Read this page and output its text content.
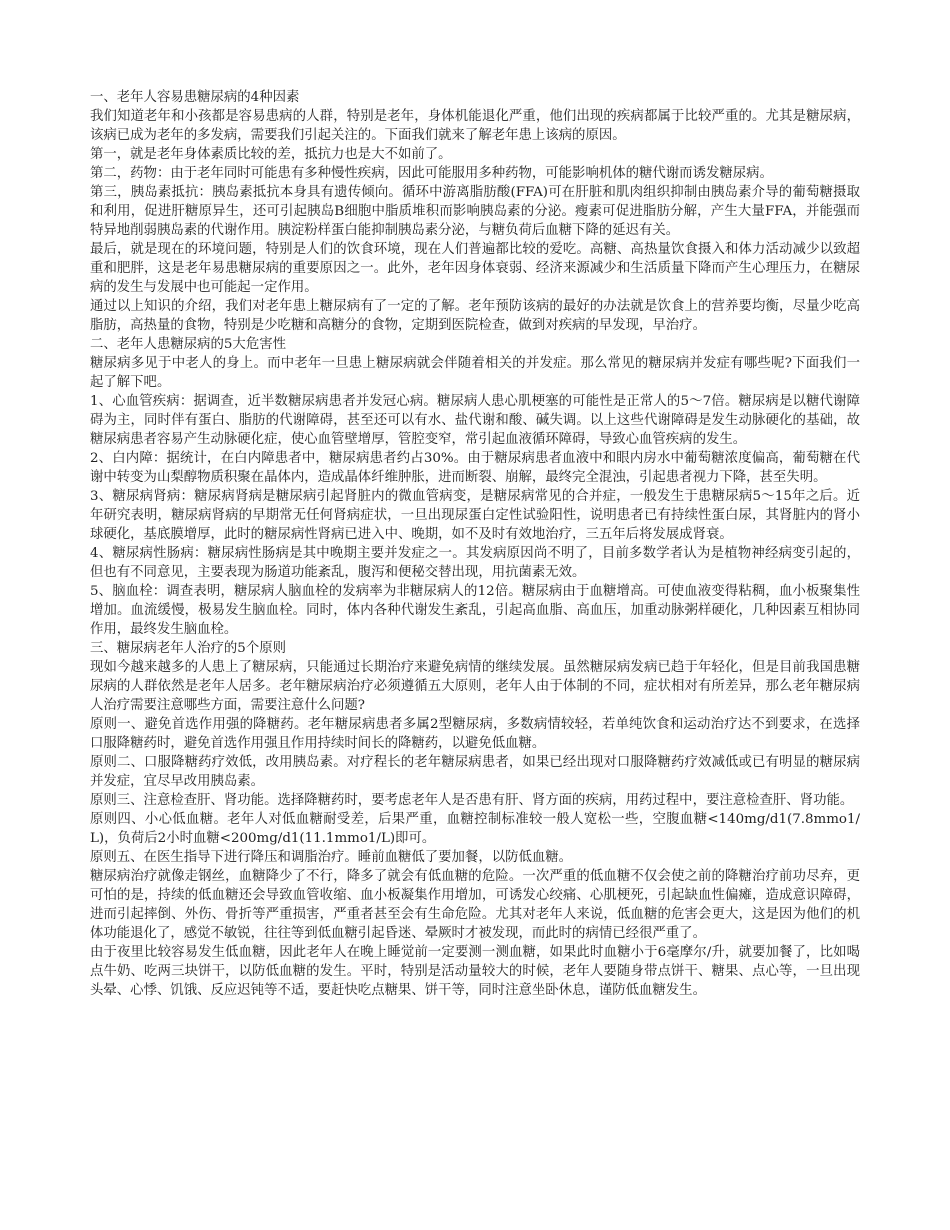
一、老年人容易患糖尿病的4种因素

我们知道老年和小孩都是容易患病的人群，特别是老年，身体机能退化严重，他们出现的疾病都属于比较严重的。尤其是糖尿病，该病已成为老年的多发病，需要我们引起关注的。下面我们就来了解老年患上该病的原因。

第一，就是老年身体素质比较的差，抵抗力也是大不如前了。

第二，药物：由于老年同时可能患有多种慢性疾病，因此可能服用多种药物，可能影响机体的糖代谢而诱发糖尿病。

第三，胰岛素抵抗：胰岛素抵抗本身具有遗传倾向。循环中游离脂肪酸(FFA)可在肝脏和肌肉组织抑制由胰岛素介导的葡萄糖摄取和利用，促进肝糖原异生，还可引起胰岛B细胞中脂质堆积而影响胰岛素的分泌。瘦素可促进脂肪分解，产生大量FFA，并能强而特异地削弱胰岛素的代谢作用。胰淀粉样蛋白能抑制胰岛素分泌，与糖负荷后血糖下降的延迟有关。

最后，就是现在的环境问题，特别是人们的饮食环境，现在人们普遍都比较的爱吃。高糖、高热量饮食摄入和体力活动减少以致超重和肥胖，这是老年易患糖尿病的重要原因之一。此外，老年因身体衰弱、经济来源减少和生活质量下降而产生心理压力，在糖尿病的发生与发展中也可能起一定作用。

通过以上知识的介绍，我们对老年患上糖尿病有了一定的了解。老年预防该病的最好的办法就是饮食上的营养要均衡，尽量少吃高脂肪，高热量的食物，特别是少吃糖和高糖分的食物，定期到医院检查，做到对疾病的早发现，早治疗。

二、老年人患糖尿病的5大危害性

糖尿病多见于中老人的身上。而中老年一旦患上糖尿病就会伴随着相关的并发症。那么常见的糖尿病并发症有哪些呢?下面我们一起了解下吧。

1、心血管疾病：据调查，近半数糖尿病患者并发冠心病。糖尿病人患心肌梗塞的可能性是正常人的5～7倍。糖尿病是以糖代谢障碍为主，同时伴有蛋白、脂肪的代谢障碍，甚至还可以有水、盐代谢和酸、碱失调。以上这些代谢障碍是发生动脉硬化的基础，故糖尿病患者容易产生动脉硬化症，使心血管壁增厚，管腔变窄，常引起血液循环障碍，导致心血管疾病的发生。

2、白内障：据统计，在白内障患者中，糖尿病患者约占30%。由于糖尿病患者血液中和眼内房水中葡萄糖浓度偏高，葡萄糖在代谢中转变为山梨醇物质积聚在晶体内，造成晶体纤维肿胀，进而断裂、崩解，最终完全混浊，引起患者视力下降，甚至失明。

3、糖尿病肾病：糖尿病肾病是糖尿病引起肾脏内的微血管病变，是糖尿病常见的合并症，一般发生于患糖尿病5～15年之后。近年研究表明，糖尿病肾病的早期常无任何肾病症状，一旦出现尿蛋白定性试验阳性，说明患者已有持续性蛋白尿，其肾脏内的肾小球硬化，基底膜增厚，此时的糖尿病性肾病已进入中、晚期，如不及时有效地治疗，三五年后将发展成肾衰。

4、糖尿病性肠病：糖尿病性肠病是其中晚期主要并发症之一。其发病原因尚不明了，目前多数学者认为是植物神经病变引起的，但也有不同意见，主要表现为肠道功能紊乱，腹泻和便秘交替出现，用抗菌素无效。

5、脑血栓：调查表明，糖尿病人脑血栓的发病率为非糖尿病人的12倍。糖尿病由于血糖增高。可使血液变得粘稠，血小板聚集性增加。血流缓慢，极易发生脑血栓。同时，体内各种代谢发生紊乱，引起高血脂、高血压，加重动脉粥样硬化，几种因素互相协同作用，最终发生脑血栓。

三、糖尿病老年人治疗的5个原则

现如今越来越多的人患上了糖尿病，只能通过长期治疗来避免病情的继续发展。虽然糖尿病发病已趋于年轻化，但是目前我国患糖尿病的人群依然是老年人居多。老年糖尿病治疗必须遵循五大原则，老年人由于体制的不同，症状相对有所差异，那么老年糖尿病人治疗需要注意哪些方面，需要注意什么问题?

原则一、避免首选作用强的降糖药。老年糖尿病患者多属2型糖尿病，多数病情较轻，若单纯饮食和运动治疗达不到要求，在选择口服降糖药时，避免首选作用强且作用持续时间长的降糖药，以避免低血糖。

原则二、口服降糖药疗效低，改用胰岛素。对疗程长的老年糖尿病患者，如果已经出现对口服降糖药疗效减低或已有明显的糖尿病并发症，宜尽早改用胰岛素。

原则三、注意检查肝、肾功能。选择降糖药时，要考虑老年人是否患有肝、肾方面的疾病，用药过程中，要注意检查肝、肾功能。

原则四、小心低血糖。老年人对低血糖耐受差，后果严重，血糖控制标准较一般人宽松一些，空腹血糖<140mg/d1(7.8mmo1/L)，负荷后2小时血糖<200mg/d1(11.1mmo1/L)即可。

原则五、在医生指导下进行降压和调脂治疗。睡前血糖低了要加餐，以防低血糖。

糖尿病治疗就像走钢丝，血糖降少了不行，降多了就会有低血糖的危险。一次严重的低血糖不仅会使之前的降糖治疗前功尽弃，更可怕的是，持续的低血糖还会导致血管收缩、血小板凝集作用增加，可诱发心绞痛、心肌梗死，引起缺血性偏瘫，造成意识障碍，进而引起摔倒、外伤、骨折等严重损害，严重者甚至会有生命危险。尤其对老年人来说，低血糖的危害会更大，这是因为他们的机体功能退化了，感觉不敏锐，往往等到低血糖引起昏迷、晕厥时才被发现，而此时的病情已经很严重了。

由于夜里比较容易发生低血糖，因此老年人在晚上睡觉前一定要测一测血糖，如果此时血糖小于6毫摩尔/升，就要加餐了，比如喝点牛奶、吃两三块饼干，以防低血糖的发生。平时，特别是活动量较大的时候，老年人要随身带点饼干、糖果、点心等，一旦出现头晕、心悸、饥饿、反应迟钝等不适，要赶快吃点糖果、饼干等，同时注意坐卧休息，谨防低血糖发生。
